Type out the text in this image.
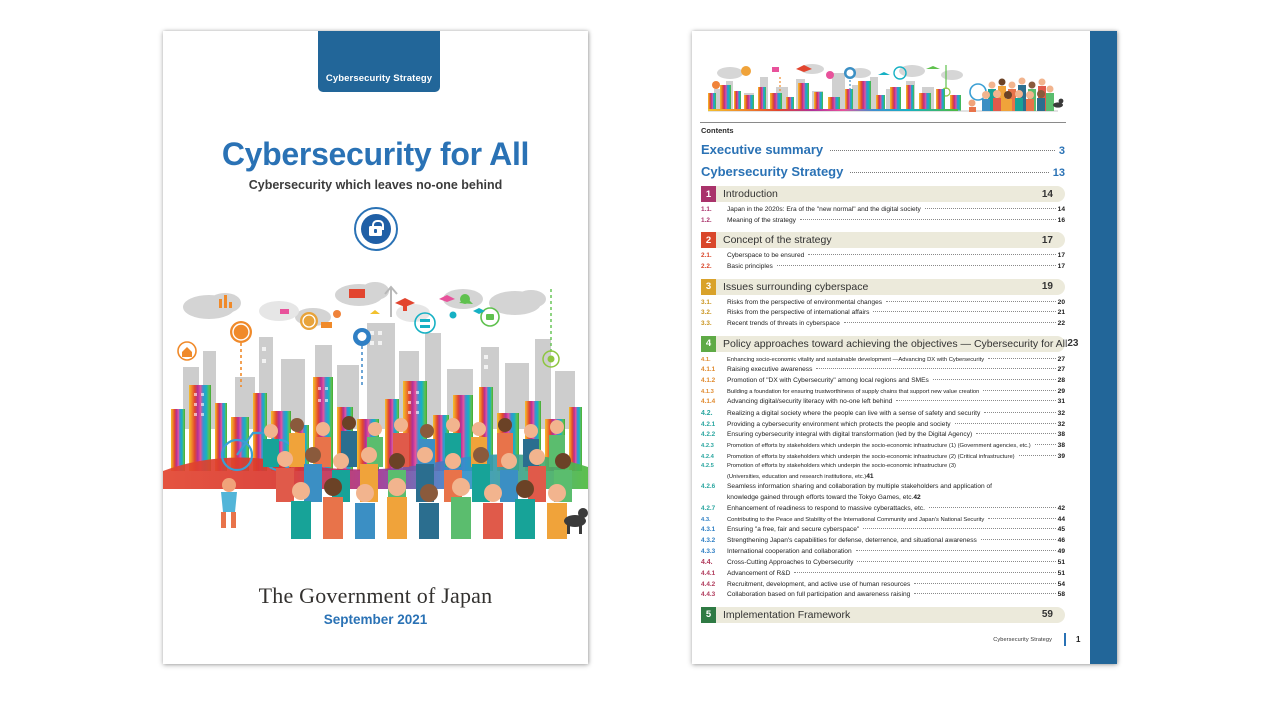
Cybersecurity Strategy
Cybersecurity for All
Cybersecurity which leaves no-one behind
The Government of Japan
September 2021
Contents
Executive summary	3
Cybersecurity Strategy	13
1	Introduction	14
1.1.	Japan in the 2020s: Era of the "new normal" and the digital society	14
1.2.	Meaning of the strategy	16
2	Concept of the strategy	17
2.1.	Cyberspace to be ensured	17
2.2.	Basic principles	17
3	Issues surrounding cyberspace	19
3.1.	Risks from the perspective of environmental changes	20
3.2.	Risks from the perspective of international affairs	21
3.3.	Recent trends of threats in cyberspace	22
4	Policy approaches toward achieving the objectives — Cybersecurity for All 23
4.1.	Enhancing socio-economic vitality and sustainable development —Advancing DX with Cybersecurity	27
4.1.1	Raising executive awareness	27
4.1.2	Promotion of "DX with Cybersecurity" among local regions and SMEs	28
4.1.3	Building a foundation for ensuring trustworthiness of supply chains that support new value creation	29
4.1.4	Advancing digital/security literacy with no-one left behind	31
4.2.	Realizing a digital society where the people can live with a sense of safety and security	32
4.2.1	Providing a cybersecurity environment which protects the people and society	32
4.2.2	Ensuring cybersecurity integral with digital transformation (led by the Digital Agency)	38
4.2.3	Promotion of efforts by stakeholders which underpin the socio-economic infrastructure (1) (Government agencies, etc.)	38
4.2.4	Promotion of efforts by stakeholders which underpin the socio-economic infrastructure (2) (Critical infrastructure)	39
4.2.5	Promotion of efforts by stakeholders which underpin the socio-economic infrastructure (3)
(Universities, education and research institutions, etc.) 41
4.2.6	Seamless information sharing and collaboration by multiple stakeholders and application of
knowledge gained through efforts toward the Tokyo Games, etc. 42
4.2.7	Enhancement of readiness to respond to massive cyberattacks, etc.	42
4.3.	Contributing to the Peace and Stability of the International Community and Japan's National Security	44
4.3.1	Ensuring "a free, fair and secure cyberspace"	45
4.3.2	Strengthening Japan's capabilities for defense, deterrence, and situational awareness	46
4.3.3	International cooperation and collaboration	49
4.4.	Cross-Cutting Approaches to Cybersecurity	51
4.4.1	Advancement of R&D	51
4.4.2	Recruitment, development, and active use of human resources	54
4.4.3	Collaboration based on full participation and awareness raising	58
5	Implementation Framework	59
Cybersecurity Strategy	1
